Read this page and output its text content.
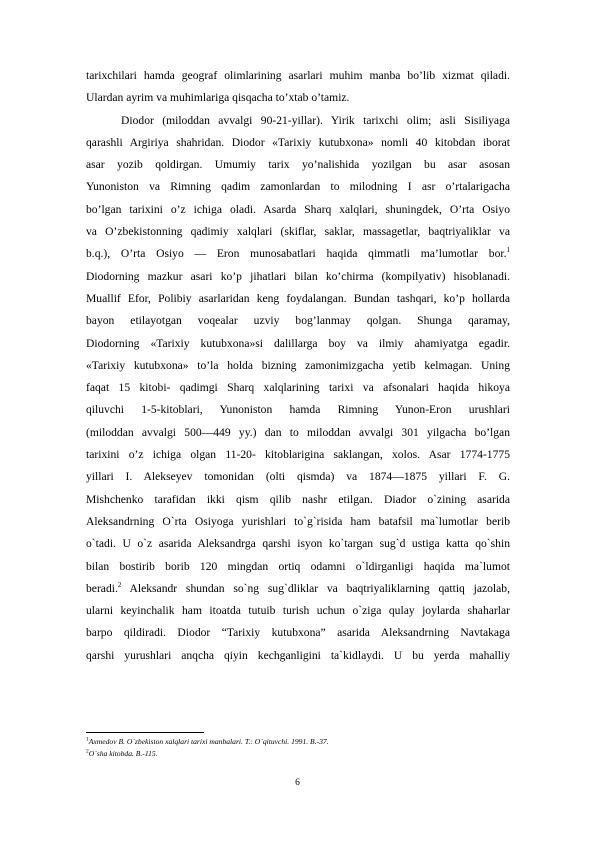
tarixchilari hamda geograf olimlarining asarlari muhim manba bo’lib xizmat qiladi.
Ulardan ayrim va muhimlariga qisqacha to’xtab o’tamiz.
Diodor (miloddan avvalgi 90-21-yillar). Yirik tarixchi olim; asli Sisiliyaga
qarashli Argiriya shahridan. Diodor «Tarixiy kutubxona» nomli 40 kitobdan iborat
asar yozib qoldirgan. Umumiy tarix yo’nalishida yozilgan bu asar asosan
Yunoniston va Rimning qadim zamonlardan to milodning I asr o’rtalarigacha
bo’lgan tarixini o’z ichiga oladi. Asarda Sharq xalqlari, shuningdek, O’rta Osiyo
va O’zbekistonning qadimiy xalqlari (skiflar, saklar, massagetlar, baqtriyaliklar va
b.q.), O’rta Osiyo — Eron munosabatlari haqida qimmatli ma’lumotlar bor.$^1$
Diodorning mazkur asari ko’p jihatlari bilan ko’chirma (kompilyativ) hisoblanadi.
Muallif Efor, Polibiy asarlaridan keng foydalangan. Bundan tashqari, ko’p hollarda
bayon etilayotgan voqealar uzviy bog’lanmay qolgan. Shunga qaramay,
Diodorning «Tarixiy kutubxona»si dalillarga boy va ilmiy ahamiyatga egadir.
«Tarixiy kutubxona» to’la holda bizning zamonimizgacha yetib kelmagan. Uning
faqat 15 kitobi- qadimgi Sharq xalqlarining tarixi va afsonalari haqida hikoya
qiluvchi 1-5-kitoblari, Yunoniston hamda Rimning Yunon-Eron urushlari
(miloddan avvalgi 500—449 yy.) dan to miloddan avvalgi 301 yilgacha bo’lgan
tarixini o’z ichiga olgan 11-20- kitoblarigina saklangan, xolos. Asar 1774-1775
yillari I. Alekseyev tomonidan (olti qismda) va 1874—1875 yillari F. G.
Mishchenko tarafidan ikki qism qilib nashr etilgan. Diador o`zining asarida
Aleksandrning O`rta Osiyoga yurishlari to`g`risida ham batafsil ma`lumotlar berib
o`tadi. U o`z asarida Aleksandrga qarshi isyon ko`targan sug`d ustiga katta qo`shin
bilan bostirib borib 120 mingdan ortiq odamni o`ldirganligi haqida ma`lumot
beradi.$^2$ Aleksandr shundan so`ng sug`dliklar va baqtriyaliklarning qattiq jazolab,
ularni keyinchalik ham itoatda tutuib turish uchun o`ziga qulay joylarda shaharlar
barpo qildiradi. Diodor “Tarixiy kutubxona” asarida Aleksandrning Navtakaga
qarshi yurushlari anqcha qiyin kechganligini ta`kidlaydi. U bu yerda mahalliy
$^1$Axmedov B. O`zbekiston xalqlari tarixi manbalari. T.: O`qituvchi. 1991. B.-37.
$^2$O`sha kitobda. B.-115.
6
